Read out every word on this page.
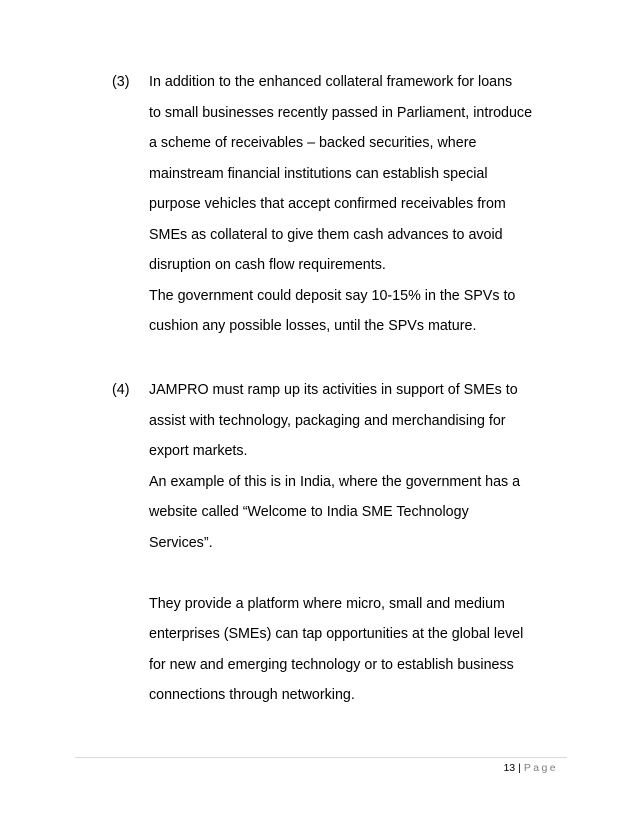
(3) In addition to the enhanced collateral framework for loans
to small businesses recently passed in Parliament, introduce
a scheme of receivables – backed securities, where
mainstream financial institutions can establish special
purpose vehicles that accept confirmed receivables from
SMEs as collateral to give them cash advances to avoid
disruption on cash flow requirements.
The government could deposit say 10-15% in the SPVs to
cushion any possible losses, until the SPVs mature.
(4) JAMPRO must ramp up its activities in support of SMEs to
assist with technology, packaging and merchandising for
export markets.
An example of this is in India, where the government has a
website called “Welcome to India SME Technology
Services”.
They provide a platform where micro, small and medium
enterprises (SMEs) can tap opportunities at the global level
for new and emerging technology or to establish business
connections through networking.
13 | Page
